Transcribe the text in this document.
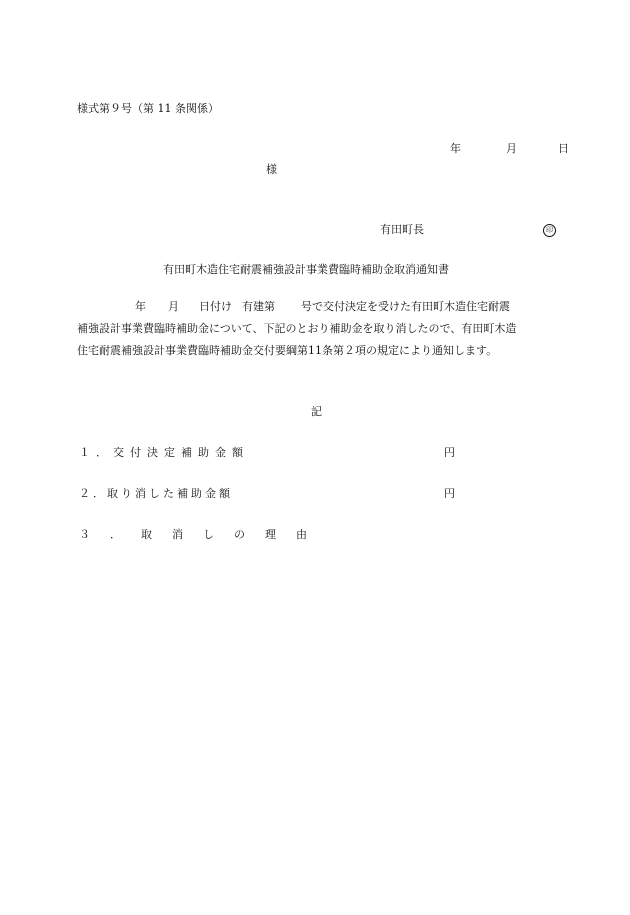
様式第９号（第 11 条関係）
年	月	日
様
有田町長	印
有田町木造住宅耐震補強設計事業費臨時補助金取消通知書
年 月 日付け 有建第 号で交付決定を受けた有田町木造住宅耐震
補強設計事業費臨時補助金について、下記のとおり補助金を取り消したので、有田町木造
住宅耐震補強設計事業費臨時補助金交付要綱第11条第２項の規定により通知します。
記
１．交付決定補助金額	円
２．取り消した補助金額	円
３．取消しの理由
